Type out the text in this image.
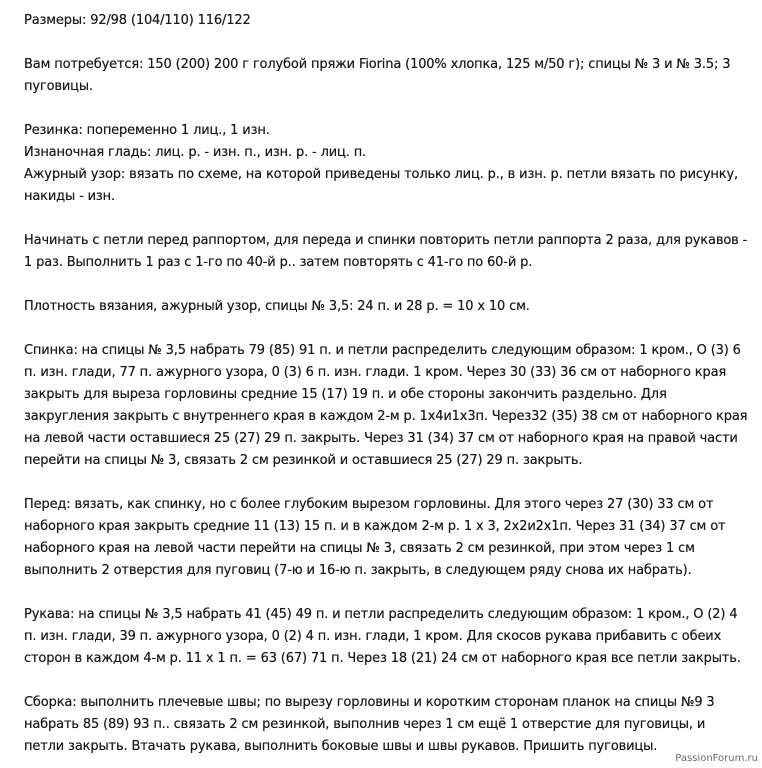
Размеры: 92/98 (104/110) 116/122
Вам потребуется: 150 (200) 200 г голубой пряжи Fiorina (100% хлопка, 125 м/50 г); спицы № 3 и № 3.5; 3
пуговицы.
Резинка: попеременно 1 лиц., 1 изн.
Изнаночная гладь: лиц. р. - изн. п., изн. р. - лиц. п.
Ажурный узор: вязать по схеме, на которой приведены только лиц. р., в изн. р. петли вязать по рисунку,
накиды - изн.
Начинать с петли перед раппортом, для переда и спинки повторить петли раппорта 2 раза, для рукавов -
1 раз. Выполнить 1 раз с 1-го по 40-й р.. затем повторять с 41-го по 60-й р.
Плотность вязания, ажурный узор, спицы № 3,5: 24 п. и 28 р. = 10 х 10 см.
Спинка: на спицы № 3,5 набрать 79 (85) 91 п. и петли распределить следующим образом: 1 кром., О (3) 6
п. изн. глади, 77 п. ажурного узора, 0 (3) 6 п. изн. глади. 1 кром. Через 30 (33) 36 см от наборного края
закрыть для выреза горловины средние 15 (17) 19 п. и обе стороны закончить раздельно. Для
закругления закрыть с внутреннего края в каждом 2-м р. 1х4и1х3п. Через32 (35) 38 см от наборного края
на левой части оставшиеся 25 (27) 29 п. закрыть. Через 31 (34) 37 см от наборного края на правой части
перейти на спицы № 3, связать 2 см резинкой и оставшиеся 25 (27) 29 п. закрыть.
Перед: вязать, как спинку, но с более глубоким вырезом горловины. Для этого через 27 (30) 33 см от
наборного края закрыть средние 11 (13) 15 п. и в каждом 2-м р. 1 х 3, 2х2и2х1п. Через 31 (34) 37 см от
наборного края на левой части перейти на спицы № 3, связать 2 см резинкой, при этом через 1 см
выполнить 2 отверстия для пуговиц (7-ю и 16-ю п. закрыть, в следующем ряду снова их набрать).
Рукава: на спицы № 3,5 набрать 41 (45) 49 п. и петли распределить следующим образом: 1 кром., О (2) 4
п. изн. глади, 39 п. ажурного узора, 0 (2) 4 п. изн. глади, 1 кром. Для скосов рукава прибавить с обеих
сторон в каждом 4-м р. 11 х 1 п. = 63 (67) 71 п. Через 18 (21) 24 см от наборного края все петли закрыть.
Сборка: выполнить плечевые швы; по вырезу горловины и коротким сторонам планок на спицы №9 3
набрать 85 (89) 93 п.. связать 2 см резинкой, выполнив через 1 см ещё 1 отверстие для пуговицы, и
петли закрыть. Втачать рукава, выполнить боковые швы и швы рукавов. Пришить пуговицы.
PassionForum.ru
